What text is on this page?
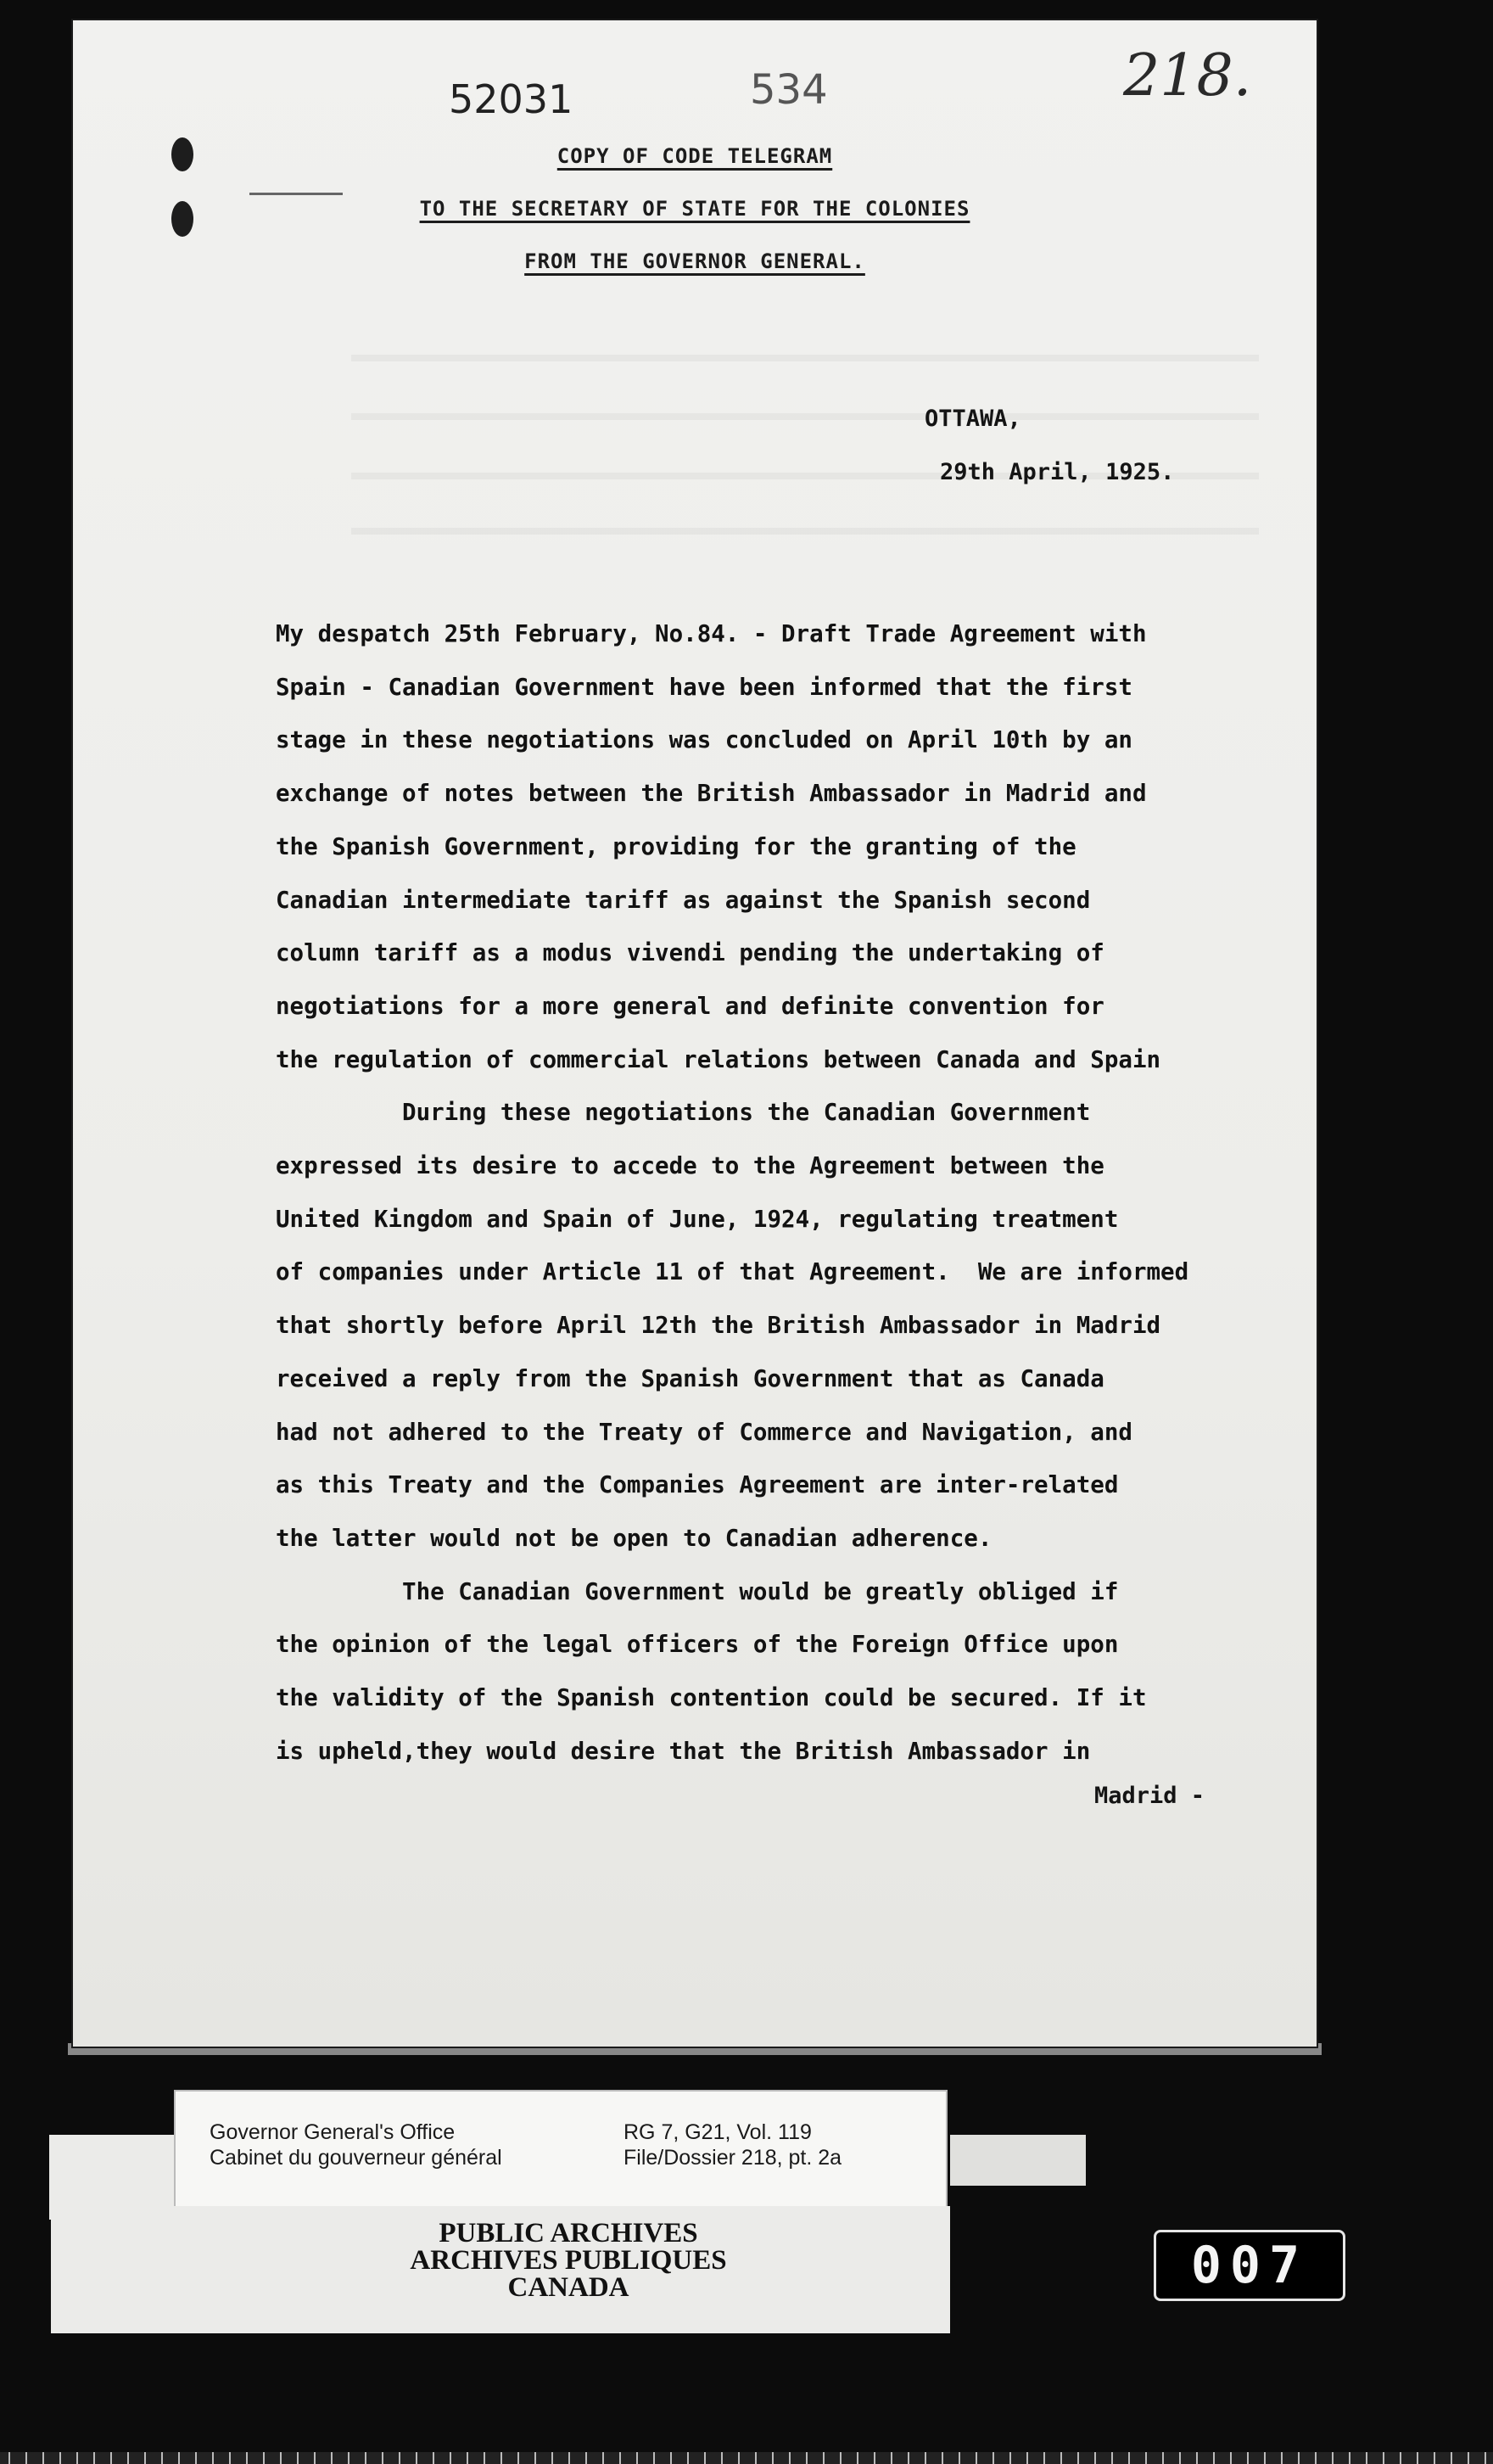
52031	534	218.
COPY OF CODE TELEGRAM
TO THE SECRETARY OF STATE FOR THE COLONIES
FROM THE GOVERNOR GENERAL.
OTTAWA,
29th April, 1925.

My despatch 25th February, No.84. - Draft Trade Agreement with

Spain - Canadian Government have been informed that the first

stage in these negotiations was concluded on April 10th by an

exchange of notes between the British Ambassador in Madrid and

the Spanish Government, providing for the granting of the

Canadian intermediate tariff as against the Spanish second

column tariff as a modus vivendi pending the undertaking of

negotiations for a more general and definite convention for

the regulation of commercial relations between Canada and Spain

During these negotiations the Canadian Government

expressed its desire to accede to the Agreement between the

United Kingdom and Spain of June, 1924, regulating treatment

of companies under Article 11 of that Agreement.  We are informed

that shortly before April 12th the British Ambassador in Madrid

received a reply from the Spanish Government that as Canada

had not adhered to the Treaty of Commerce and Navigation, and

as this Treaty and the Companies Agreement are inter-related

the latter would not be open to Canadian adherence.

The Canadian Government would be greatly obliged if

the opinion of the legal officers of the Foreign Office upon

the validity of the Spanish contention could be secured. If it

is upheld,they would desire that the British Ambassador in

Madrid -
Governor General's Office
Cabinet du gouverneur général
RG 7, G21, Vol. 119
File/Dossier 218, pt. 2a
PUBLIC ARCHIVES
ARCHIVES PUBLIQUES
CANADA	007
